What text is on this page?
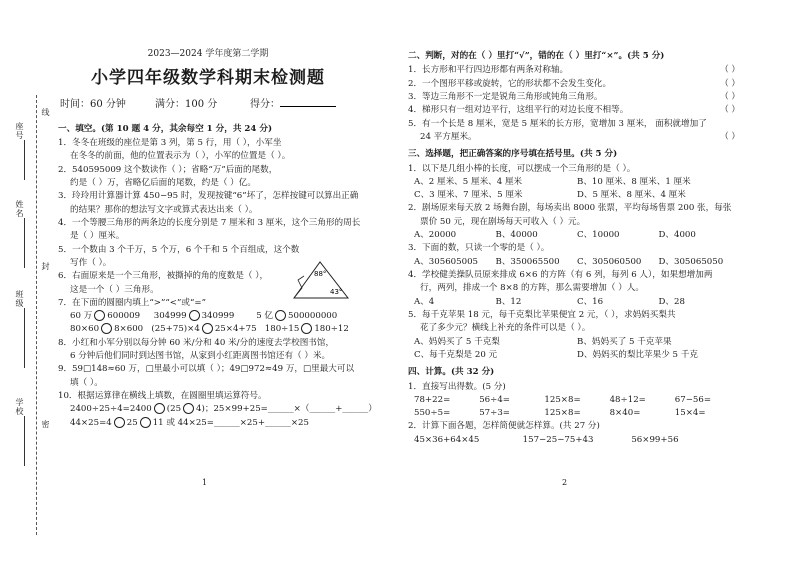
线
封
密
座号
姓名
班级
学校
2023—2024 学年度第二学期
小学四年级数学科期末检测题
时间：60 分钟	满分：100 分	得分：
一、填空。(第 10 题 4 分，其余每空 1 分，共 24 分)
1．冬冬在班级的座位是第 3 列，第 5 行，用（ ），小军坐
在冬冬的前面，他的位置表示为（ ），小军的位置是（ ）。
2．540595009 这个数读作（ ）；省略“万”后面的尾数，
约是（ ）万，省略亿后面的尾数，约是（ ）亿。
3．玲玲用计算器计算 450−95 时，发现按键“6”坏了，怎样按键可以算出正确
的结果？那你的想法写文字或算式表达出来（ ）。
4．一个等腰三角形的两条边的长度分别是 7 厘米和 3 厘米，这个三角形的周长
是（ ）厘米。
5．一个数由 3 个千万，5 个万，6 个千和 5 个百组成，这个数
写作（ ）。
6．右面原来是一个三角形，被撕掉的角的度数是（ ），
这是一个（ ）三角形。
7．在下面的圆圈内填上“>”“<”或“=”
60 万 600009 304999 340999	5 亿 500000000
80×60 8×600 (25+75)×4 25×4+75 180÷15 180÷12
8．小红和小军分别以每分钟 60 米/分和 40 米/分的速度去学校图书馆，
6 分钟后他们同时到达图书馆，从家到小红距离图书馆还有（ ）米。
9．59□148≈60 万，□里最小可以填（ ）；49□972≈49 万，□里最大可以
填（ ）。
10．根据运算律在横线上填数，在圆圈里填运算符号。
2400÷25÷4=2400 (25 4)；25×99+25=______×（______+______）
44×25=4 25 11 或 44×25=______×25+______×25
88°
43°
二、判断，对的在（ ）里打“√”，错的在（ ）里打“×”。(共 5 分)
1．长方形和平行四边形都有两条对称轴。	（ ）
2．一个图形平移或旋转，它的形状都不会发生变化。	（ ）
3．等边三角形不一定是锐角三角形或钝角三角形。	（ ）
4．梯形只有一组对边平行，这组平行的对边长度不相等。	（ ）
5．有一个长是 8 厘米，宽是 5 厘米的长方形，宽增加 3 厘米， 面积就增加了
24 平方厘米。	（ ）
三、选择题，把正确答案的序号填在括号里。(共 5 分)
1．以下是几组小棒的长度，可以摆成一个三角形的是（ ）。
A、2 厘米、5 厘米、4 厘米	B、10 厘米、8 厘米、1 厘米
C、3 厘米、7 厘米、5 厘米	D、5 厘米、8 厘米、4 厘米
2．剧场原来每天放 2 场舞台剧，每场卖出 8000 张票，平均每场售票 200 张，每张
票价 50 元，现在剧场每天可收入（ ）元。
A、20000	B、40000	C、10000	D、4000
3．下面的数，只读一个零的是（ ）。
A、305605005	B、350065500	C、305060500	D、305065050
4．学校健美操队员原来排成 6×6 的方阵（有 6 列，每列 6 人），如果想增加两
行，两列，排成一个 8×8 的方阵，那么需要增加（ ）人。
A、4	B、12	C、16	D、28
5．每千克苹果 18 元，每千克梨比苹果便宜 2 元，（ ），求妈妈买梨共
花了多少元？横线上补充的条件可以是（ ）。
A、妈妈买了 5 千克梨	B、妈妈买了 5 千克苹果
C、每千克梨是 20 元	D、妈妈买的梨比苹果少 5 千克
四、计算。(共 32 分)
1．直接写出得数。(5 分)
78+22=	56÷4=	125×8=	48÷12=	67−56=
550÷5=	57÷3=	125×8=	8×40=	15×4=
2．计算下面各题，怎样简便就怎样算。(共 27 分)
45×36+64×45	157−25−75+43	56×99+56
1	2
